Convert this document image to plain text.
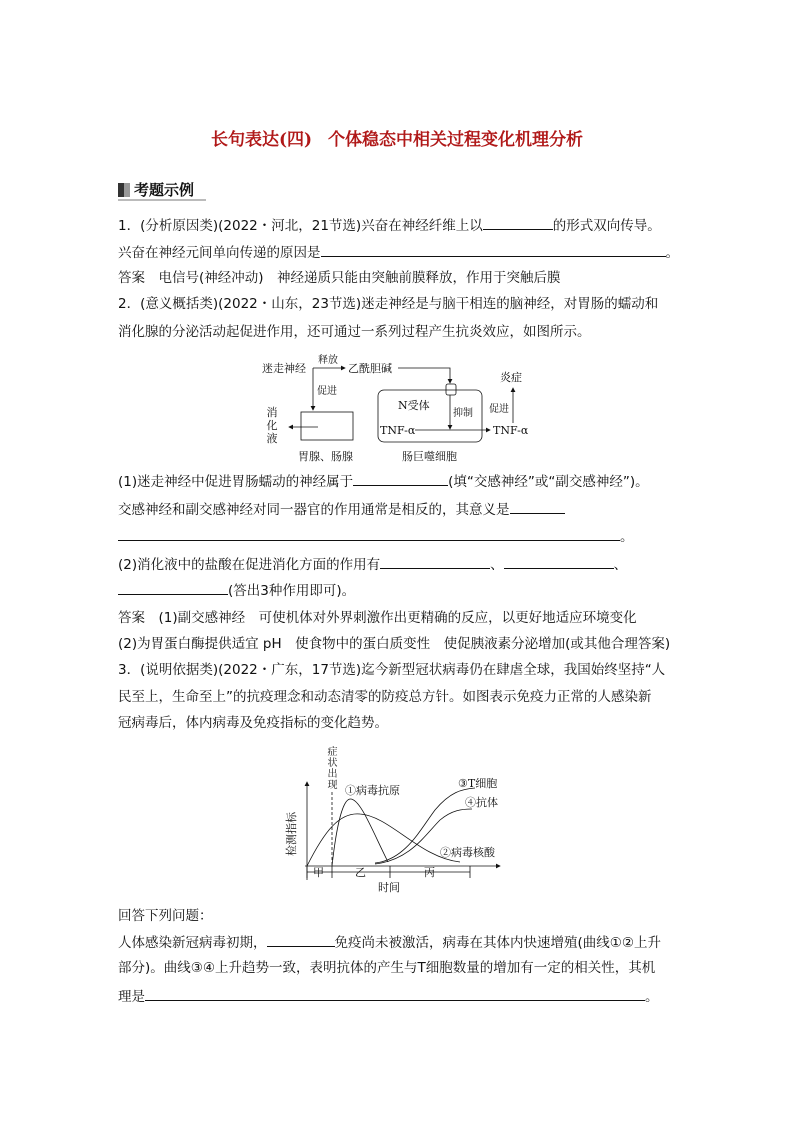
长句表达(四) 个体稳态中相关过程变化机理分析
考题示例
1．(分析原因类)(2022・河北，21节选)兴奋在神经纤维上以	的形式双向传导。
兴奋在神经元间单向传递的原因是	。
答案　电信号(神经冲动)　神经递质只能由突触前膜释放，作用于突触后膜
2．(意义概括类)(2022・山东，23节选)迷走神经是与脑干相连的脑神经，对胃肠的蠕动和
消化腺的分泌活动起促进作用，还可通过一系列过程产生抗炎效应，如图所示。
迷走神经
释放
乙酰胆碱
促进
胃腺、肠腺
N受体
抑制
TNF-α	TNF-α
促进
炎症
肠巨噬细胞
检测指标
①病毒抗原
③T细胞
④抗体
②病毒核酸
甲	乙	丙
时间
消化液
症状出现
(1)迷走神经中促进胃肠蠕动的神经属于	(填“交感神经”或“副交感神经”)。
交感神经和副交感神经对同一器官的作用通常是相反的，其意义是
。
(2)消化液中的盐酸在促进消化方面的作用有	、	、
(答出3种作用即可)。
答案　(1)副交感神经　可使机体对外界刺激作出更精确的反应，以更好地适应环境变化
(2)为胃蛋白酶提供适宜 pH　使食物中的蛋白质变性　使促胰液素分泌增加(或其他合理答案)
3．(说明依据类)(2022・广东，17节选)迄今新型冠状病毒仍在肆虐全球，我国始终坚持“人
民至上，生命至上”的抗疫理念和动态清零的防疫总方针。如图表示免疫力正常的人感染新
冠病毒后，体内病毒及免疫指标的变化趋势。
回答下列问题：
人体感染新冠病毒初期，	免疫尚未被激活，病毒在其体内快速增殖(曲线①②上升
部分)。曲线③④上升趋势一致，表明抗体的产生与T细胞数量的增加有一定的相关性，其机
理是	。
